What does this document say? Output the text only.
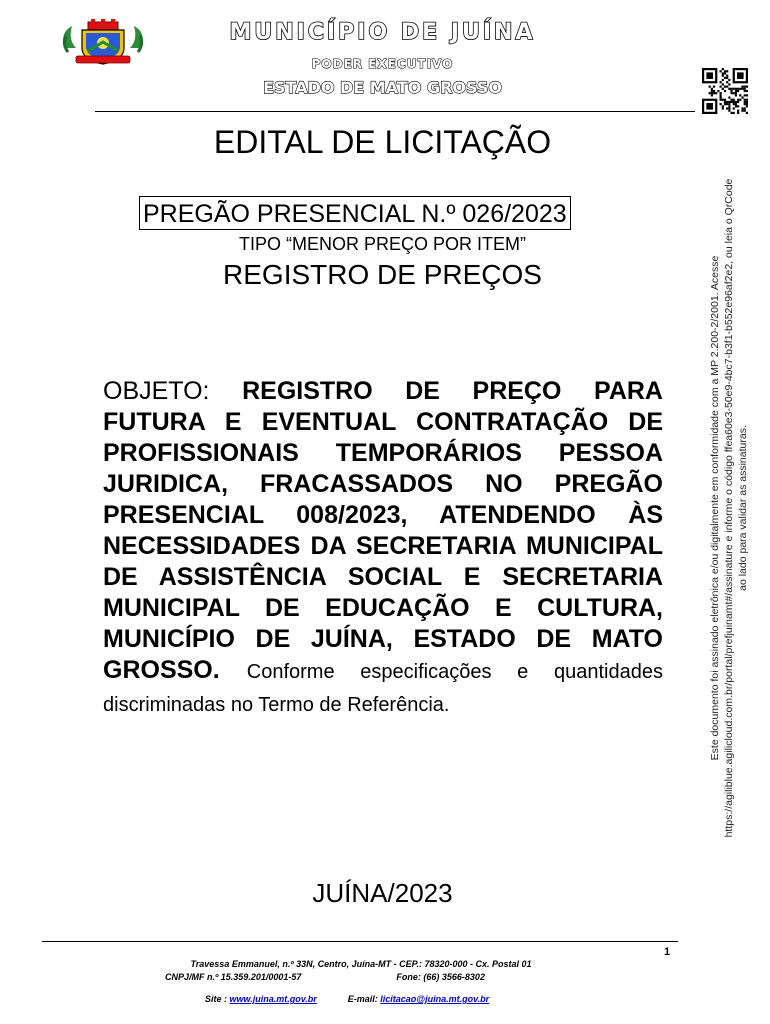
MUNICÍPIO DE JUÍNA
PODER EXECUTIVO
ESTADO DE MATO GROSSO
EDITAL DE LICITAÇÃO
PREGÃO PRESENCIAL N.º 026/2023
TIPO “MENOR PREÇO POR ITEM”
REGISTRO DE PREÇOS
OBJETO: REGISTRO DE PREÇO PARA FUTURA E EVENTUAL CONTRATAÇÃO DE PROFISSIONAIS TEMPORÁRIOS PESSOA JURIDICA, FRACASSADOS NO PREGÃO PRESENCIAL 008/2023, ATENDENDO ÀS NECESSIDADES DA SECRETARIA MUNICIPAL DE ASSISTÊNCIA SOCIAL E SECRETARIA MUNICIPAL DE EDUCAÇÃO E CULTURA, MUNICÍPIO DE JUÍNA, ESTADO DE MATO GROSSO. Conforme especificações e quantidades discriminadas no Termo de Referência.
JUÍNA/2023
Este documento foi assinado eletrônica e/ou digitalmente em conformidade com a MP 2.200-2/2001. Acesse https://agiliblue.agilicloud.com.br/portal/prefjuinamt#/assinature e informe o código ffea60e3-50e9-4bc7-b3f1-b552e96af2e2, ou leia o QrCode ao lado para validar as assinaturas.
1
Travessa Emmanuel, n.º 33N, Centro, Juína-MT - CEP.: 78320-000 - Cx. Postal 01
CNPJ/MF n.º 15.359.201/0001-57	Fone: (66) 3566-8302
Site : www.juina.mt.gov.br	E-mail: licitacao@juina.mt.gov.br
